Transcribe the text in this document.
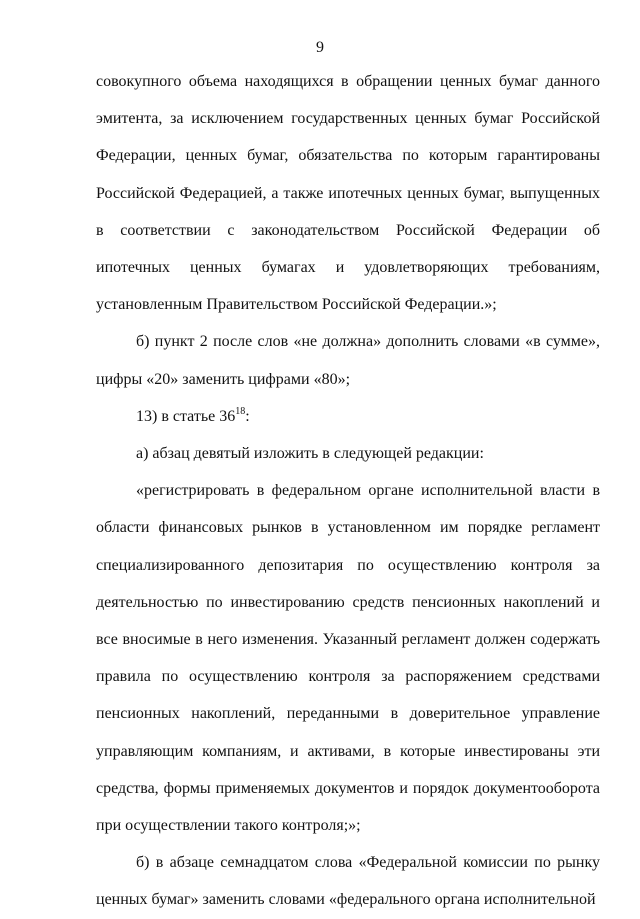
9

совокупного объема находящихся в обращении ценных бумаг данного эмитента, за исключением государственных ценных бумаг Российской Федерации, ценных бумаг, обязательства по которым гарантированы Российской Федерацией, а также ипотечных ценных бумаг, выпущенных в соответствии с законодательством Российской Федерации об ипотечных ценных бумагах и удовлетворяющих требованиям, установленным Правительством Российской Федерации.»;

б) пункт 2 после слов «не должна» дополнить словами «в сумме», цифры «20» заменить цифрами «80»;

13) в статье $36^{18}$:

а) абзац девятый изложить в следующей редакции:

«регистрировать в федеральном органе исполнительной власти в области финансовых рынков в установленном им порядке регламент специализированного депозитария по осуществлению контроля за деятельностью по инвестированию средств пенсионных накоплений и все вносимые в него изменения. Указанный регламент должен содержать правила по осуществлению контроля за распоряжением средствами пенсионных накоплений, переданными в доверительное управление управляющим компаниям, и активами, в которые инвестированы эти средства, формы применяемых документов и порядок документооборота при осуществлении такого контроля;»;

б) в абзаце семнадцатом слова «Федеральной комиссии по рынку ценных бумаг» заменить словами «федерального органа исполнительной
